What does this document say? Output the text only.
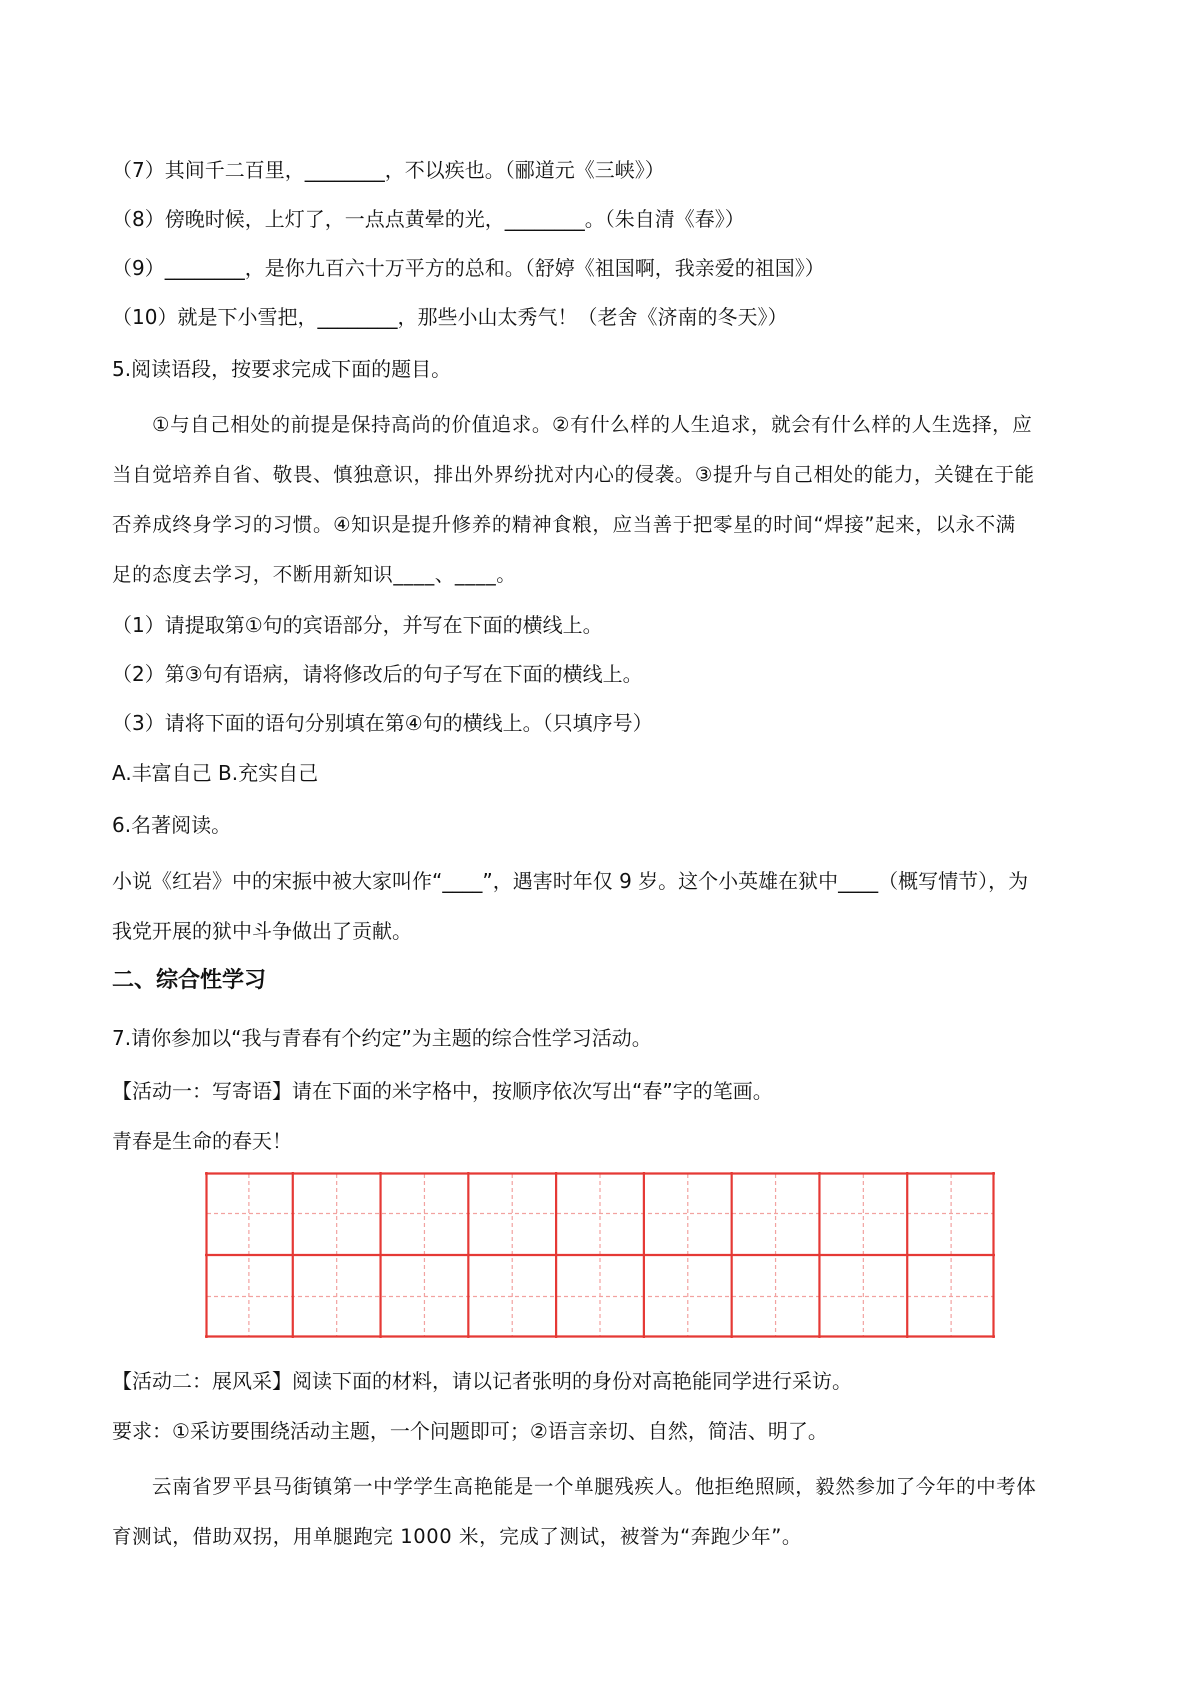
（7）其间千二百里，________，不以疾也。（郦道元《三峡》）
（8）傍晚时候，上灯了，一点点黄晕的光，________。（朱自清《春》）
（9）________，是你九百六十万平方的总和。（舒婷《祖国啊，我亲爱的祖国》）
（10）就是下小雪把，________，那些小山太秀气！（老舍《济南的冬天》）
5.阅读语段，按要求完成下面的题目。
①与自己相处的前提是保持高尚的价值追求。②有什么样的人生追求，就会有什么样的人生选择，应
当自觉培养自省、敬畏、慎独意识，排出外界纷扰对内心的侵袭。③提升与自己相处的能力，关键在于能
否养成终身学习的习惯。④知识是提升修养的精神食粮，应当善于把零星的时间“焊接”起来，以永不满
足的态度去学习，不断用新知识____、____。
（1）请提取第①句的宾语部分，并写在下面的横线上。
（2）第③句有语病，请将修改后的句子写在下面的横线上。
（3）请将下面的语句分别填在第④句的横线上。（只填序号）
A.丰富自己 B.充实自己
6.名著阅读。
小说《红岩》中的宋振中被大家叫作“____”，遇害时年仅 9 岁。这个小英雄在狱中____（概写情节），为
我党开展的狱中斗争做出了贡献。
二、综合性学习
7.请你参加以“我与青春有个约定”为主题的综合性学习活动。
【活动一：写寄语】请在下面的米字格中，按顺序依次写出“春”字的笔画。
青春是生命的春天！
【活动二：展风采】阅读下面的材料，请以记者张明的身份对高艳能同学进行采访。
要求：①采访要围绕活动主题，一个问题即可；②语言亲切、自然，简洁、明了。
云南省罗平县马街镇第一中学学生高艳能是一个单腿残疾人。他拒绝照顾，毅然参加了今年的中考体
育测试，借助双拐，用单腿跑完 1000 米，完成了测试，被誉为“奔跑少年”。
